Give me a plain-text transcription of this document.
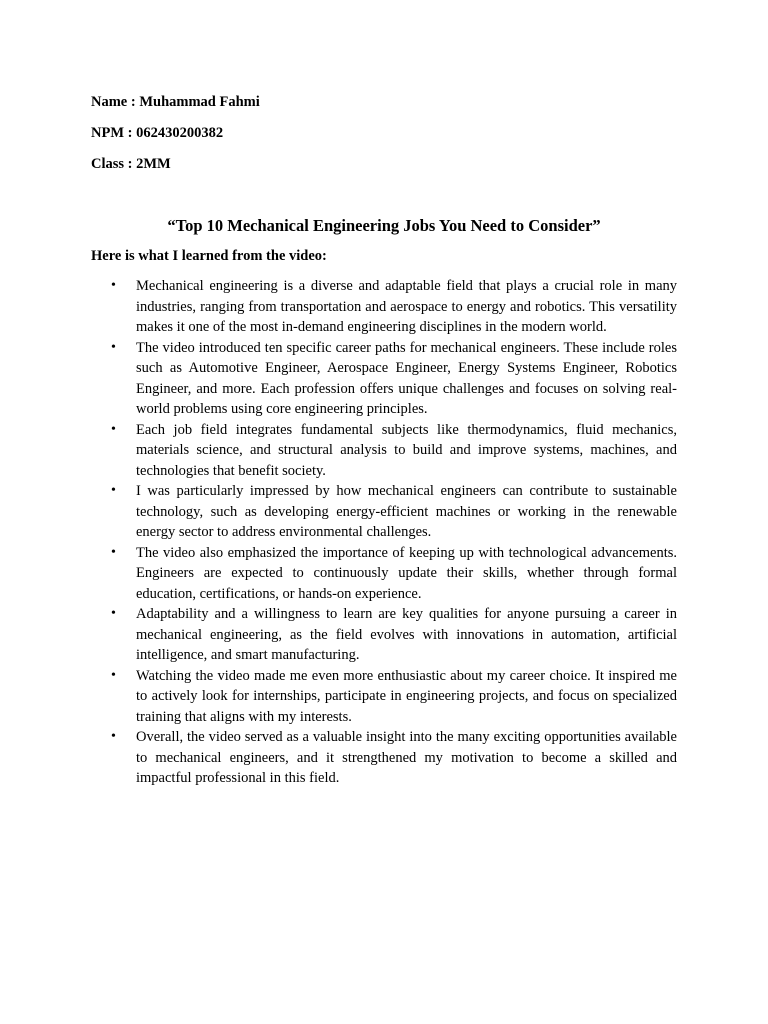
Name : Muhammad Fahmi
NPM : 062430200382
Class : 2MM
“Top 10 Mechanical Engineering Jobs You Need to Consider”
Here is what I learned from the video:
• Mechanical engineering is a diverse and adaptable field that plays a crucial role in many industries, ranging from transportation and aerospace to energy and robotics. This versatility makes it one of the most in-demand engineering disciplines in the modern world.
• The video introduced ten specific career paths for mechanical engineers. These include roles such as Automotive Engineer, Aerospace Engineer, Energy Systems Engineer, Robotics Engineer, and more. Each profession offers unique challenges and focuses on solving real-world problems using core engineering principles.
• Each job field integrates fundamental subjects like thermodynamics, fluid mechanics, materials science, and structural analysis to build and improve systems, machines, and technologies that benefit society.
• I was particularly impressed by how mechanical engineers can contribute to sustainable technology, such as developing energy-efficient machines or working in the renewable energy sector to address environmental challenges.
• The video also emphasized the importance of keeping up with technological advancements. Engineers are expected to continuously update their skills, whether through formal education, certifications, or hands-on experience.
• Adaptability and a willingness to learn are key qualities for anyone pursuing a career in mechanical engineering, as the field evolves with innovations in automation, artificial intelligence, and smart manufacturing.
• Watching the video made me even more enthusiastic about my career choice. It inspired me to actively look for internships, participate in engineering projects, and focus on specialized training that aligns with my interests.
• Overall, the video served as a valuable insight into the many exciting opportunities available to mechanical engineers, and it strengthened my motivation to become a skilled and impactful professional in this field.
